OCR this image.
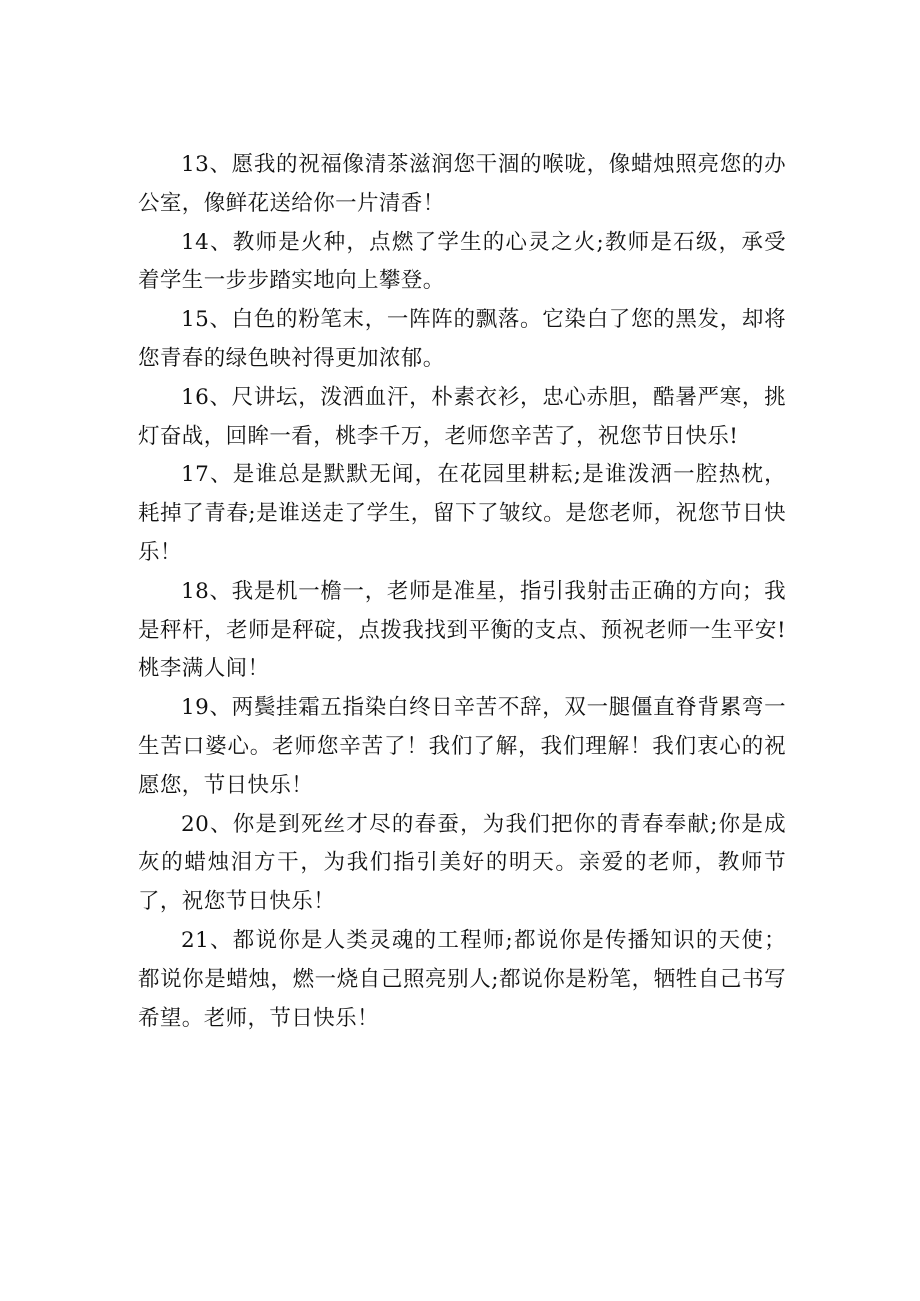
13、愿我的祝福像清茶滋润您干涸的喉咙，像蜡烛照亮您的办公室，像鲜花送给你一片清香！

14、教师是火种，点燃了学生的心灵之火;教师是石级，承受着学生一步步踏实地向上攀登。

15、白色的粉笔末，一阵阵的飘落。它染白了您的黑发，却将您青春的绿色映衬得更加浓郁。

16、尺讲坛，泼洒血汗，朴素衣衫，忠心赤胆，酷暑严寒，挑灯奋战，回眸一看，桃李千万，老师您辛苦了，祝您节日快乐!

17、是谁总是默默无闻，在花园里耕耘;是谁泼洒一腔热枕，耗掉了青春;是谁送走了学生，留下了皱纹。是您老师，祝您节日快乐！

18、我是机一檐一，老师是准星，指引我射击正确的方向；我是秤杆，老师是秤碇，点拨我找到平衡的支点、预祝老师一生平安!桃李满人间！

19、两鬓挂霜五指染白终日辛苦不辞，双一腿僵直脊背累弯一生苦口婆心。老师您辛苦了！我们了解，我们理解！我们衷心的祝愿您，节日快乐！

20、你是到死丝才尽的春蚕，为我们把你的青春奉献;你是成灰的蜡烛泪方干，为我们指引美好的明天。亲爱的老师，教师节了，祝您节日快乐！

21、都说你是人类灵魂的工程师;都说你是传播知识的天使；都说你是蜡烛，燃一烧自己照亮别人;都说你是粉笔，牺牲自己书写希望。老师，节日快乐！
